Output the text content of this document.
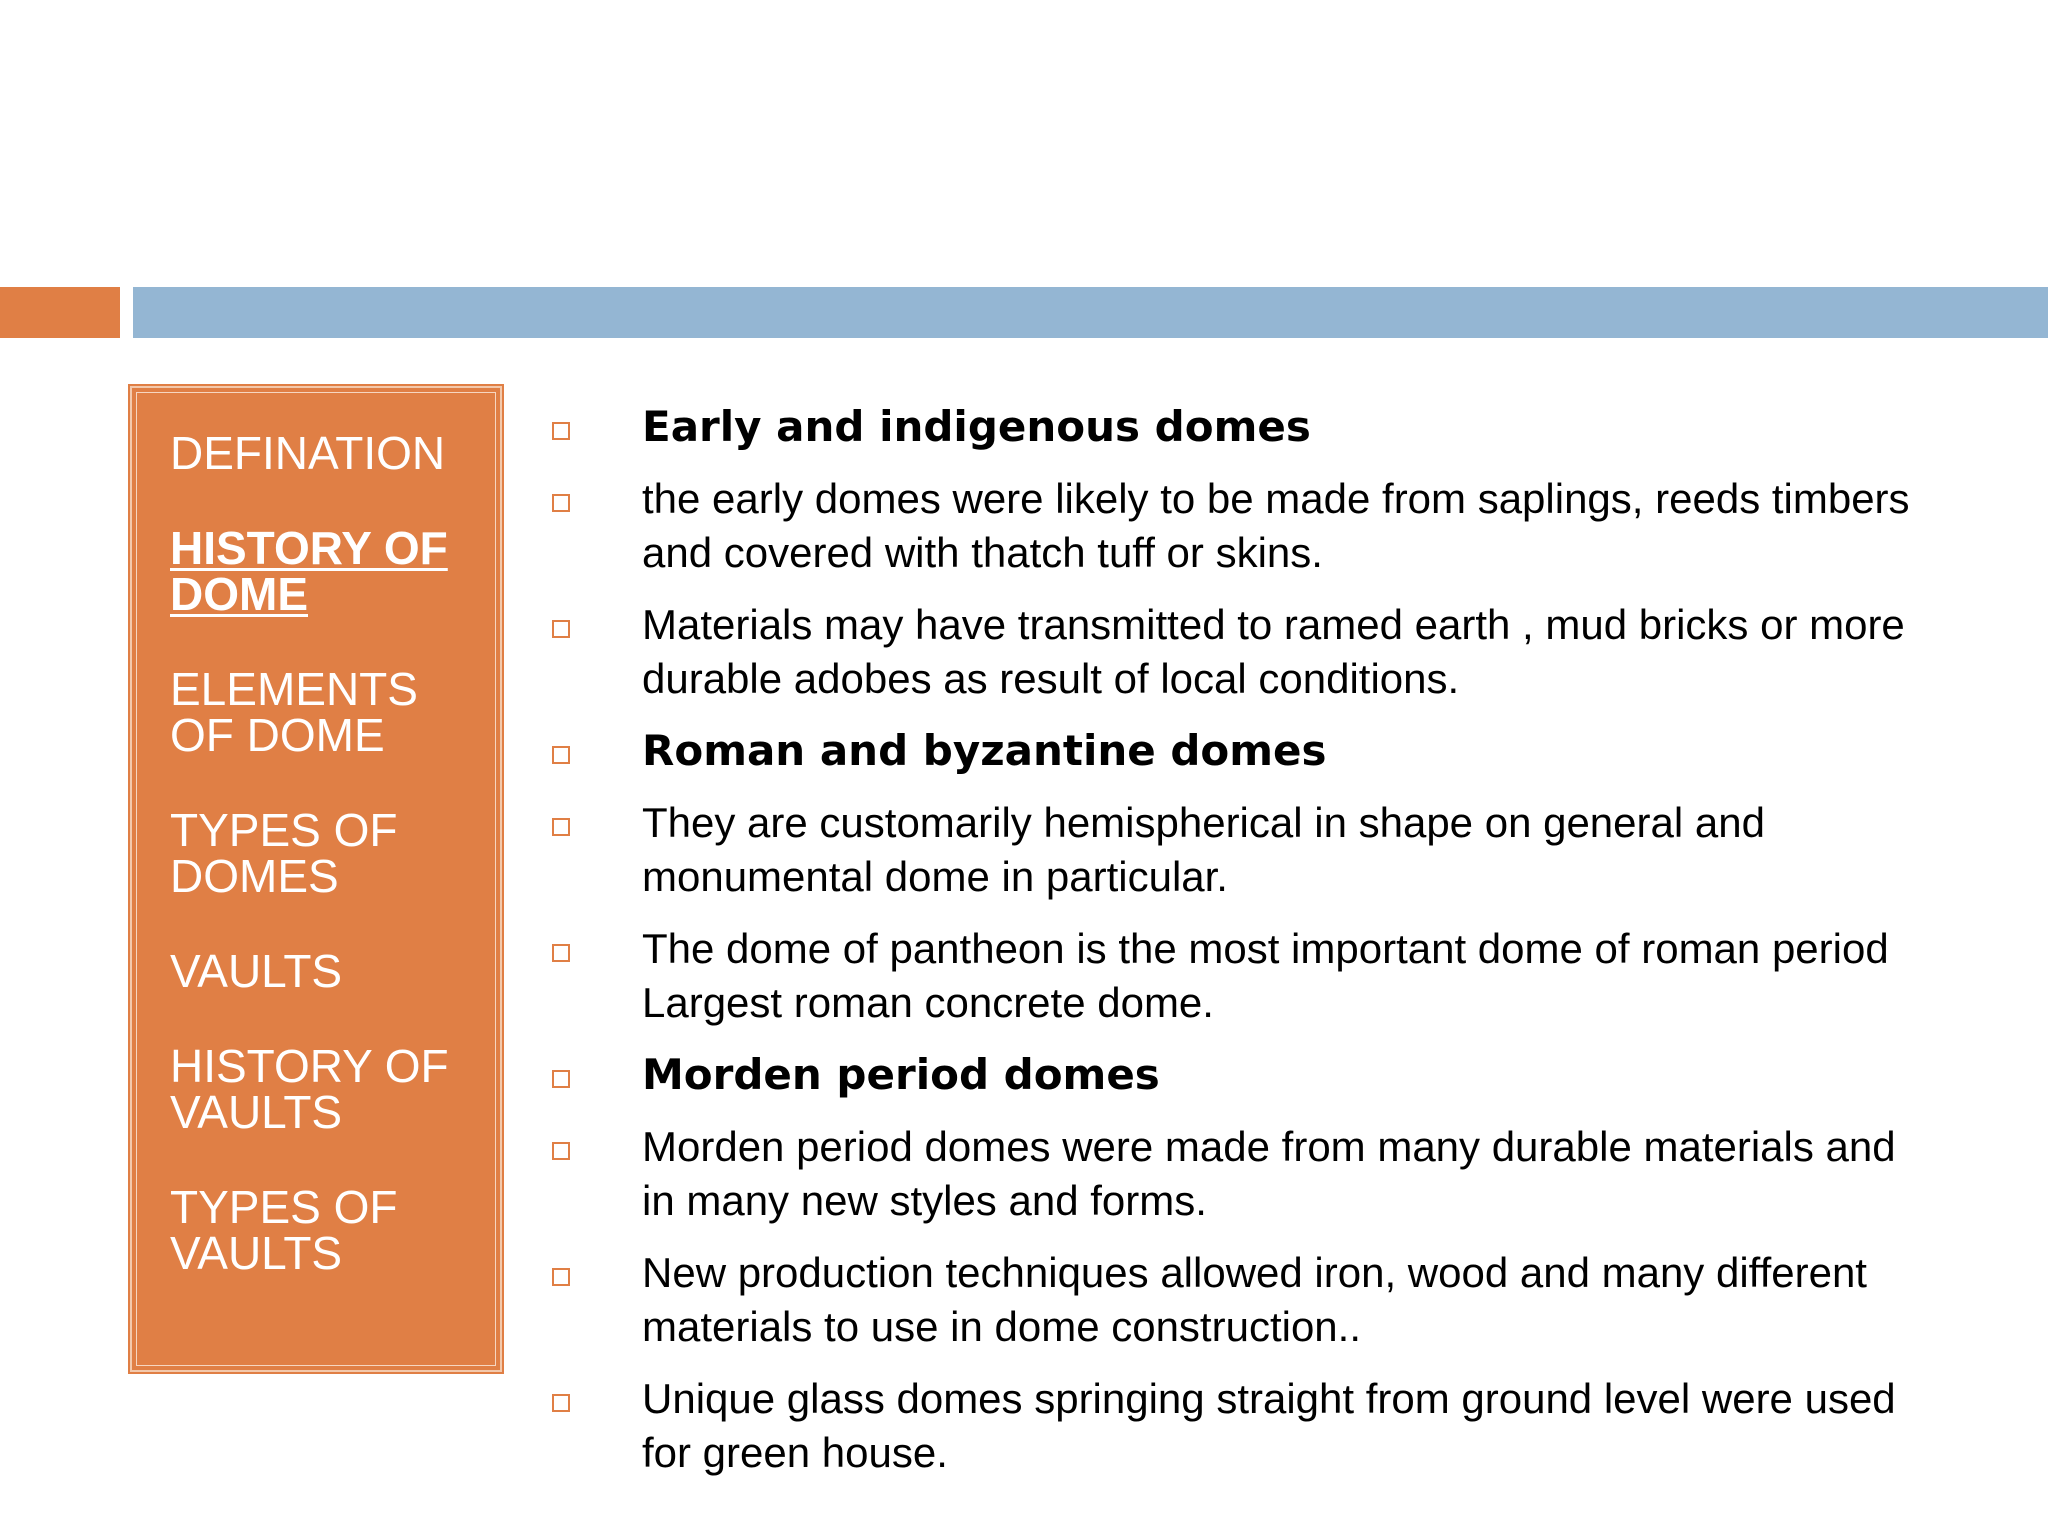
DEFINATION
HISTORY OF DOME
ELEMENTS OF DOME
TYPES OF DOMES
VAULTS
HISTORY OF VAULTS
TYPES OF VAULTS
Early and indigenous domes
the early domes were likely to be made from saplings, reeds timbers and covered with thatch tuff or skins.
Materials may have transmitted to ramed earth , mud bricks or more durable adobes as result of local conditions.
Roman and byzantine domes
They are customarily hemispherical in shape on general and monumental dome in particular.
The dome of pantheon is the most important dome of roman period Largest roman concrete dome.
Morden period domes
Morden period domes were made from many durable materials and in many new styles and forms.
New production techniques allowed iron, wood and many different materials to use in dome construction..
Unique glass domes springing straight from ground level were used for green house.
